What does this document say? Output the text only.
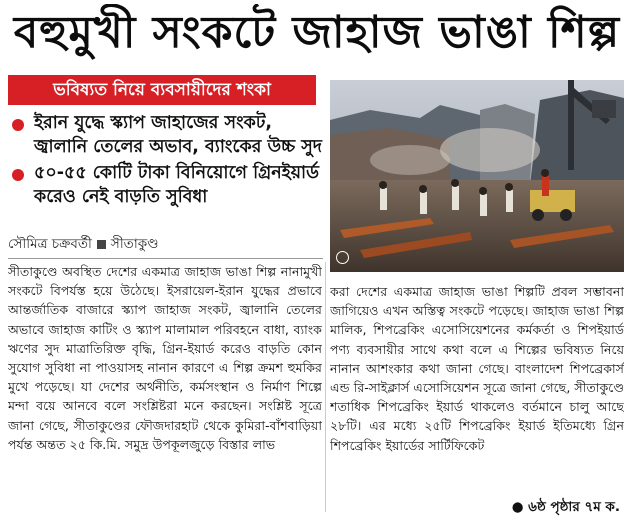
বহুমুখী সংকটে জাহাজ ভাঙা শিল্প
ভবিষ্যত নিয়ে ব্যবসায়ীদের শংকা
ইরান যুদ্ধে স্ক্যাপ জাহাজের সংকট, জ্বালানি তেলের অভাব, ব্যাংকের উচ্চ সুদ
৫০-৫৫ কোটি টাকা বিনিয়োগে গ্রিনইয়ার্ড করেও নেই বাড়তি সুবিধা
সৌমিত্র চক্রবর্তী সীতাকুণ্ড
সীতাকুণ্ডে অবস্থিত দেশের একমাত্র জাহাজ ভাঙা শিল্প নানামুখী সংকটে বিপর্যস্ত হয়ে উঠেছে। ইসরায়েল-ইরান যুদ্ধের প্রভাবে আন্তর্জাতিক বাজারে স্ক্যাপ জাহাজ সংকট, জ্বালানি তেলের অভাবে জাহাজ কাটিং ও স্ক্যাপ মালামাল পরিবহনে বাধা, ব্যাংক ঋণের সুদ মাত্রাতিরিক্ত বৃদ্ধি, গ্রিন-ইয়ার্ড করেও বাড়তি কোন সুযোগ সুবিধা না পাওয়াসহ নানান কারণে এ শিল্প ক্রমশ হুমকির মুখে পড়েছে। যা দেশের অর্থনীতি, কর্মসংস্থান ও নির্মাণ শিল্পে মন্দা বয়ে আনবে বলে সংশ্লিষ্টরা মনে করছেন। সংশ্লিষ্ট সূত্রে জানা গেছে, সীতাকুণ্ডের ফৌজদারহাট থেকে কুমিরা-বাঁশবাড়িয়া পর্যন্ত অন্তত ২৫ কি.মি. সমুদ্র উপকূলজুড়ে বিস্তার লাভ
করা দেশের একমাত্র জাহাজ ভাঙা শিল্পটি প্রবল সম্ভাবনা জাগিয়েও এখন অস্তিত্ব সংকটে পড়েছে। জাহাজ ভাঙা শিল্প মালিক, শিপব্রেকিং এসোসিয়েশনের কর্মকর্তা ও শিপইয়ার্ড পণ্য ব্যবসায়ীর সাথে কথা বলে এ শিল্পের ভবিষ্যত নিয়ে নানান আশংকার কথা জানা গেছে। বাংলাদেশ শিপব্রেকার্স এন্ড রি-সাইক্লার্স এসোসিয়েশন সূত্রে জানা গেছে, সীতাকুণ্ডে শতাধিক শিপব্রেকিং ইয়ার্ড থাকলেও বর্তমানে চালু আছে ২৮টি। এর মধ্যে ২৫টি শিপব্রেকিং ইয়ার্ড ইতিমধ্যে গ্রিন শিপব্রেকিং ইয়ার্ডের সার্টিফিকেট
● ৬ষ্ঠ পৃষ্ঠার ৭ম ক.
